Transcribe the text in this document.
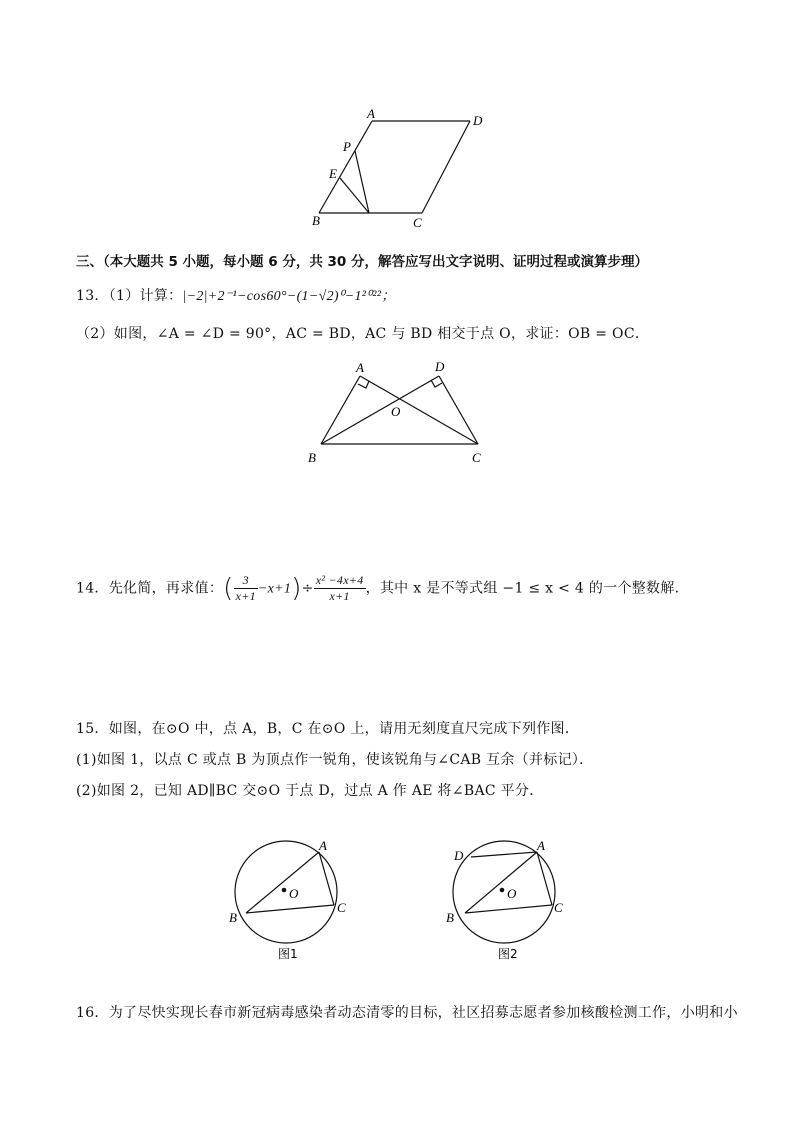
A	D
P
E
B	C
三、（本大题共 5 小题，每小题 6 分，共 30 分，解答应写出文字说明、证明过程或演算步理）
13．（1）计算：|−2|+2⁻¹−cos60°−(1−√2)⁰−1²⁰²²；
（2）如图，∠A = ∠D = 90°，AC = BD，AC 与 BD 相交于点 O，求证：OB = OC．
A	D
O
B	C
14．先化简，再求值：( $\frac{3}{x+1} -x+1)\div \frac{\text{x² −4x+4}}{x+1}$ ，其中 x 是不等式组 −1 ≤ x < 4 的一个整数解．
15．如图，在⊙O 中，点 A，B，C 在⊙O 上，请用无刻度直尺完成下列作图．
(1)如图 1，以点 C 或点 B 为顶点作一锐角，使该锐角与∠CAB 互余（并标记）．
(2)如图 2，已知 AD∥BC 交⊙O 于点 D，过点 A 作 AE 将∠BAC 平分．
O
A
B
C
图1
O
A
D
B
C
图2
16．为了尽快实现长春市新冠病毒感染者动态清零的目标，社区招募志愿者参加核酸检测工作，小明和小
